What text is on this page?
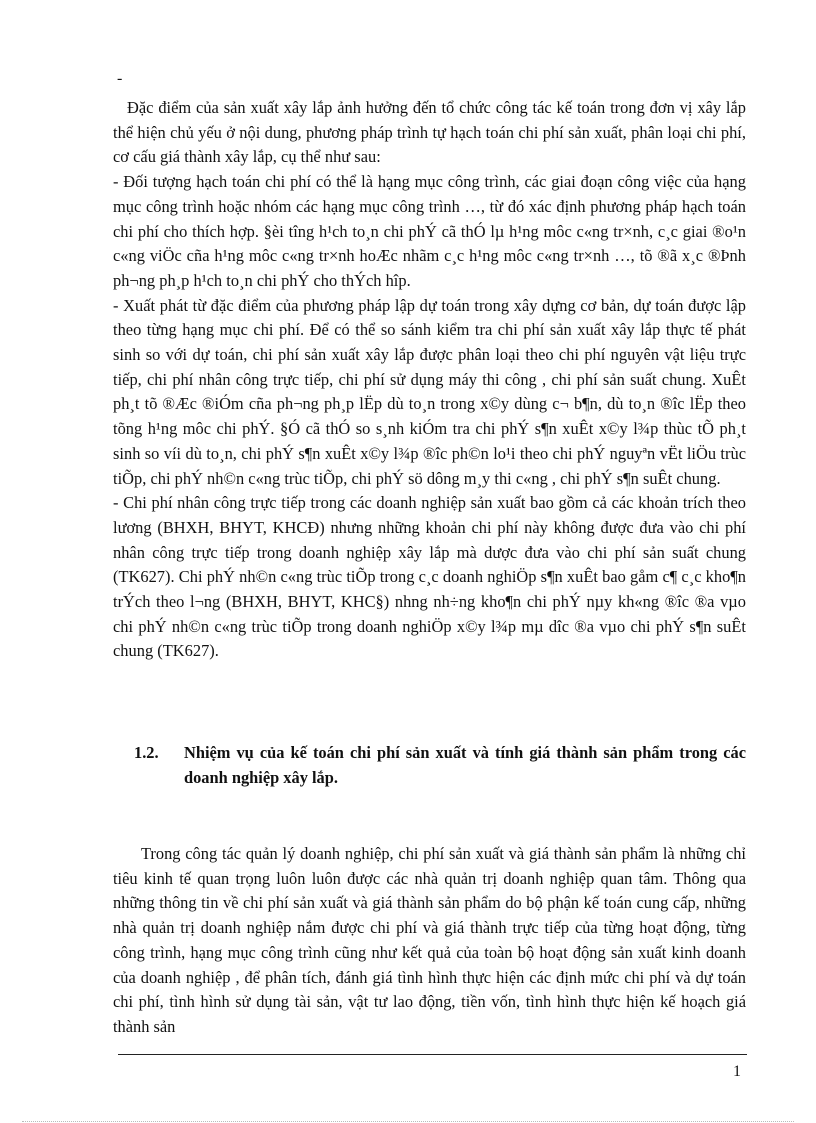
-

Đặc điểm của sản xuất xây lắp ảnh hưởng đến tổ chức công tác kế toán trong đơn vị xây lắp thể hiện chủ yếu ở nội dung, phương pháp trình tự hạch toán chi phí sản xuất, phân loại chi phí, cơ cấu giá thành xây lắp, cụ thể như sau:

- Đối tượng hạch toán chi phí có thể là hạng mục công trình, các giai đoạn công việc của hạng mục công trình hoặc nhóm các hạng mục công trình …, từ đó xác định phương pháp hạch toán chi phí cho thích hợp. §èi tîng h¹ch to¸n chi phÝ cã thÓ lµ h¹ng môc c«ng tr×nh, c¸c giai ®o¹n c«ng viÖc cña h¹ng môc c«ng tr×nh hoÆc nhãm c¸c h¹ng môc c«ng tr×nh …, tõ ®ã x¸c ®Þnh ph¬ng ph¸p h¹ch to¸n chi phÝ cho thÝch hîp.

- Xuất phát từ đặc điểm của phương pháp lập dự toán trong xây dựng cơ bản, dự toán được lập theo từng hạng mục chi phí. Để có thể so sánh kiểm tra chi phí sản xuất xây lắp thực tế phát sinh so với dự toán, chi phí sản xuất xây lắp được phân loại theo chi phí nguyên vật liệu trực tiếp, chi phí nhân công trực tiếp, chi phí sử dụng máy thi công , chi phí sản suất chung. XuÊt ph¸t tõ ®Æc ®iÓm cña ph¬ng ph¸p lËp dù to¸n trong x©y dùng c¬ b¶n, dù to¸n ®îc lËp theo tõng h¹ng môc chi phÝ. §Ó cã thÓ so s¸nh kiÓm tra chi phÝ s¶n xuÊt x©y l¾p thùc tÕ ph¸t sinh so víi dù to¸n, chi phÝ s¶n xuÊt x©y l¾p ®îc ph©n lo¹i theo chi phÝ nguyªn vËt liÖu trùc tiÕp, chi phÝ nh©n c«ng trùc tiÕp, chi phÝ sö dông m¸y thi c«ng , chi phÝ s¶n suÊt chung.

- Chi phí nhân công trực tiếp trong các doanh nghiệp sản xuất bao gồm cả các khoản trích theo lương (BHXH, BHYT, KHCĐ) nhưng những khoản chi phí này không được đưa vào chi phí nhân công trực tiếp trong doanh nghiệp xây lắp mà dược đưa vào chi phí sản suất chung (TK627). Chi phÝ nh©n c«ng trùc tiÕp trong c¸c doanh nghiÖp s¶n xuÊt bao gåm c¶ c¸c kho¶n trÝch theo l¬ng (BHXH, BHYT, KHC§) nhng nh÷ng kho¶n chi phÝ nµy kh«ng ®îc ®a vµo chi phÝ nh©n c«ng trùc tiÕp trong doanh nghiÖp x©y l¾p mµ dîc ®a vµo chi phÝ s¶n suÊt chung (TK627).

1.2. Nhiệm vụ của kế toán chi phí sản xuất và tính giá thành sản phẩm trong các doanh nghiệp xây lắp.

Trong công tác quản lý doanh nghiệp, chi phí sản xuất và giá thành sản phẩm là những chỉ tiêu kinh tế quan trọng luôn luôn được các nhà quản trị doanh nghiệp quan tâm. Thông qua những thông tin về chi phí sản xuất và giá thành sản phẩm do bộ phận kế toán cung cấp, những nhà quản trị doanh nghiệp nắm được chi phí và giá thành trực tiếp của từng hoạt động, từng công trình, hạng mục công trình cũng như kết quả của toàn bộ hoạt động sản xuất kinh doanh của doanh nghiệp , để phân tích, đánh giá tình hình thực hiện các định mức chi phí và dự toán chi phí, tình hình sử dụng tài sản, vật tư lao động, tiền vốn, tình hình thực hiện kế hoạch giá thành sản

1
